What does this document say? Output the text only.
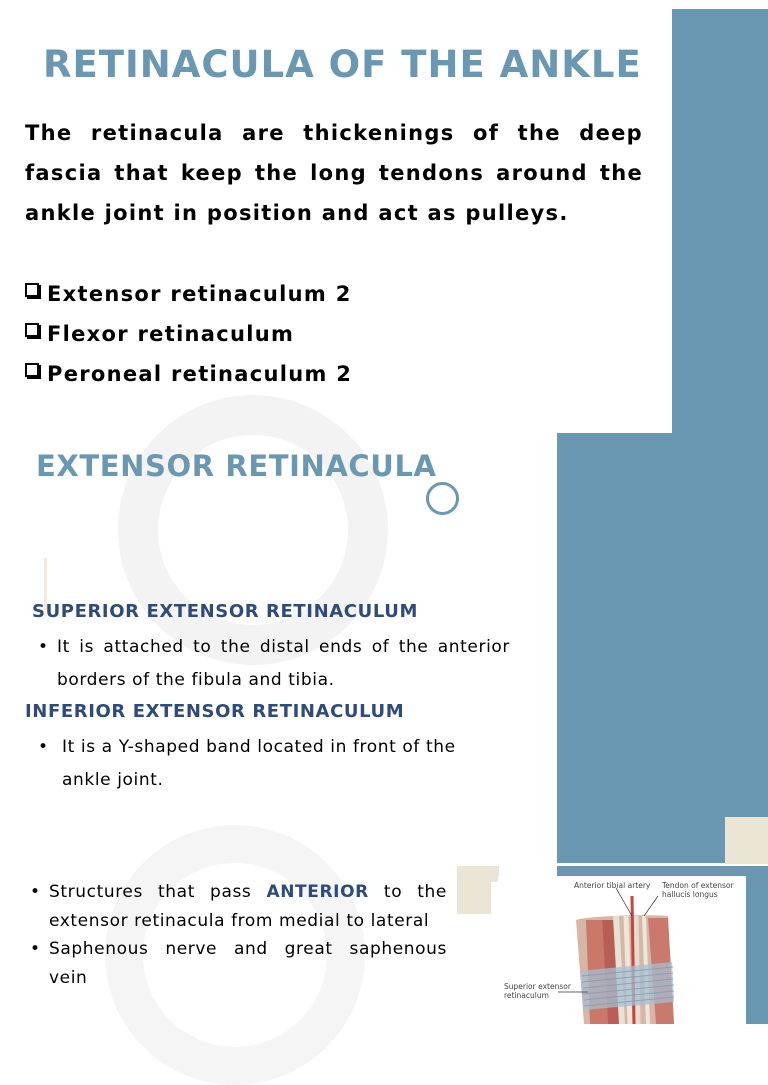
RETINACULA OF THE ANKLE
The retinacula are thickenings of the deep fascia that keep the long tendons around the ankle joint in position and act as pulleys.
Extensor retinaculum 2
Flexor retinaculum
Peroneal retinaculum 2
EXTENSOR RETINACULA
SUPERIOR EXTENSOR RETINACULUM
• It is attached to the distal ends of the anterior borders of the fibula and tibia.
INFERIOR EXTENSOR RETINACULUM
• It is a Y-shaped band located in front of the ankle joint.
• Structures that pass ANTERIOR to the extensor retinacula from medial to lateral
• Saphenous nerve and great saphenous vein
Anterior tibial artery Tendon of extensor hallucis longus
Superior extensor retinaculum
